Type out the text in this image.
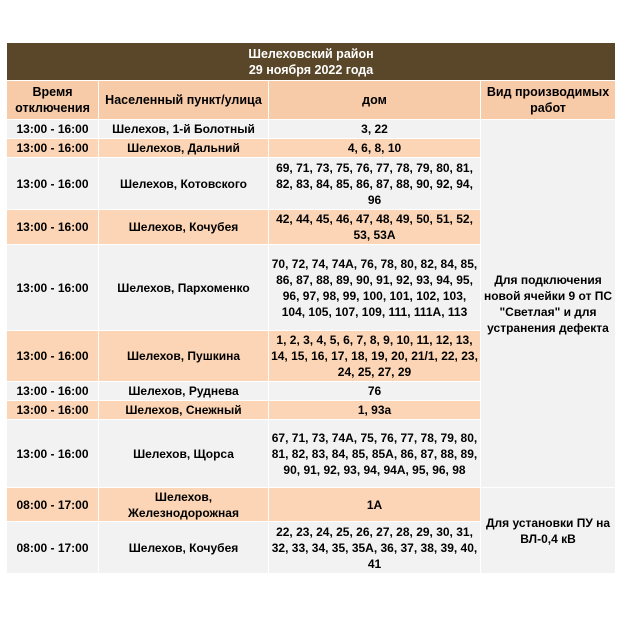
Шелеховский район
29 ноября 2022 года			

Время отключения	Населенный пункт/улица	дом	Вид производимых работ
13:00 - 16:00	Шелехов, 1-й Болотный	3, 22	Для подключения новой ячейки 9 от ПС "Светлая" и для устранения дефекта
13:00 - 16:00	Шелехов, Дальний	4, 6, 8, 10	
13:00 - 16:00	Шелехов, Котовского	69, 71, 73, 75, 76, 77, 78, 79, 80, 81, 82, 83, 84, 85, 86, 87, 88, 90, 92, 94, 96	
13:00 - 16:00	Шелехов, Кочубея	42, 44, 45, 46, 47, 48, 49, 50, 51, 52, 53, 53А	
13:00 - 16:00	Шелехов, Пархоменко	70, 72, 74, 74А, 76, 78, 80, 82, 84, 85, 86, 87, 88, 89, 90, 91, 92, 93, 94, 95, 96, 97, 98, 99, 100, 101, 102, 103, 104, 105, 107, 109, 111, 111А, 113	
13:00 - 16:00	Шелехов, Пушкина	1, 2, 3, 4, 5, 6, 7, 8, 9, 10, 11, 12, 13, 14, 15, 16, 17, 18, 19, 20, 21/1, 22, 23, 24, 25, 27, 29	
13:00 - 16:00	Шелехов, Руднева	76	
13:00 - 16:00	Шелехов, Снежный	1, 93а	
13:00 - 16:00	Шелехов, Щорса	67, 71, 73, 74А, 75, 76, 77, 78, 79, 80, 81, 82, 83, 84, 85, 85А, 86, 87, 88, 89, 90, 91, 92, 93, 94, 94А, 95, 96, 98	
08:00 - 17:00	Шелехов, Железнодорожная	1А	Для установки ПУ на ВЛ-0,4 кВ
08:00 - 17:00	Шелехов, Кочубея	22, 23, 24, 25, 26, 27, 28, 29, 30, 31, 32, 33, 34, 35, 35А, 36, 37, 38, 39, 40, 41	
